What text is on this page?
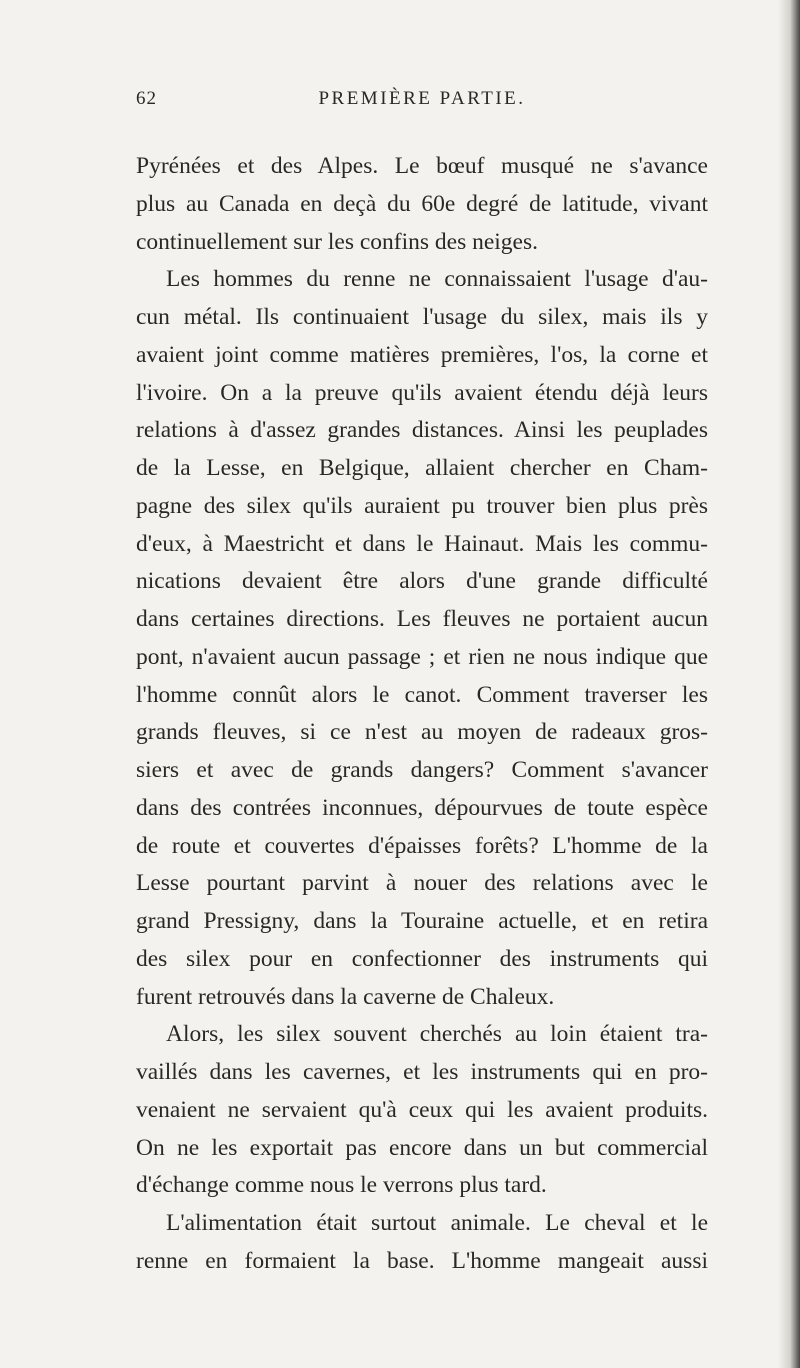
62	PREMIÈRE PARTIE.
Pyrénées et des Alpes. Le bœuf musqué ne s'avance
plus au Canada en deçà du 60e degré de latitude, vivant
continuellement sur les confins des neiges.
Les hommes du renne ne connaissaient l'usage d'au-
cun métal. Ils continuaient l'usage du silex, mais ils y
avaient joint comme matières premières, l'os, la corne et
l'ivoire. On a la preuve qu'ils avaient étendu déjà leurs
relations à d'assez grandes distances. Ainsi les peuplades
de la Lesse, en Belgique, allaient chercher en Cham-
pagne des silex qu'ils auraient pu trouver bien plus près
d'eux, à Maestricht et dans le Hainaut. Mais les commu-
nications devaient être alors d'une grande difficulté
dans certaines directions. Les fleuves ne portaient aucun
pont, n'avaient aucun passage ; et rien ne nous indique que
l'homme connût alors le canot. Comment traverser les
grands fleuves, si ce n'est au moyen de radeaux gros-
siers et avec de grands dangers? Comment s'avancer
dans des contrées inconnues, dépourvues de toute espèce
de route et couvertes d'épaisses forêts? L'homme de la
Lesse pourtant parvint à nouer des relations avec le
grand Pressigny, dans la Touraine actuelle, et en retira
des silex pour en confectionner des instruments qui
furent retrouvés dans la caverne de Chaleux.
Alors, les silex souvent cherchés au loin étaient tra-
vaillés dans les cavernes, et les instruments qui en pro-
venaient ne servaient qu'à ceux qui les avaient produits.
On ne les exportait pas encore dans un but commercial
d'échange comme nous le verrons plus tard.
L'alimentation était surtout animale. Le cheval et le
renne en formaient la base. L'homme mangeait aussi
